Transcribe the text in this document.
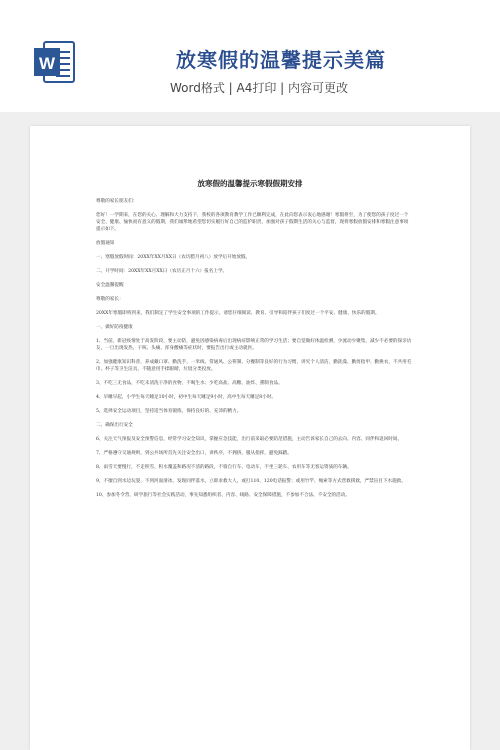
W	放寒假的温馨提示美篇
Word格式 | A4打印 | 内容可更改
放寒假的温馨提示寒假假期安排

尊敬的家长朋友们：

您好！一学期来，在您的关心、理解和大力支持下，我校的各项教育教学工作已顺利完成，在此向您表示衷心地感谢！寒假将至，为了使您的孩子度过一个安全、健康、愉快而有意义的假期，我们诚挚地希望您切实履行好自己的监护职责，加强对孩子假期生活的关心与监督，现将寒假放假安排和寒假注意事项提示如下。

放假通知

一、寒假放假时间：20XX年XX月XX日（农历腊月初八）放学后开始放假。

二、开学时间：20XX年XX月XX日（农历正月十六）报名上学。

安全温馨提醒

尊敬的家长：

20XX年寒假即将到来，我们制定了学生安全事项的工作提示，请您仔细阅读、教育、引导和陪伴孩子们度过一个平安、健康、快乐的假期。

一、做好防疫健康

1、当前，新冠疫情处于高发阶段，要主动防，避免因感染病毒后出现病症影响正常的学习生活；要自觉做好体温检测，少流动少聚集，减少不必要的探亲访友，一旦出现发热、干咳、头痛、浑身酸痛等症状时，要报告出行或主动就医。

2、加强健康知识科普，养成戴口罩、勤洗手、一米线、常通风、公筷制、分餐制等良好的行为习惯，讲究个人清洁，勤洗澡、勤剪指甲、勤换衣，不共用毛巾、杯子等卫生洁具，不随意用手揉眼睛，垃圾分类投放。

3、不吃三无食品，不吃未清洗干净的食物，不喝生水；少吃高盐、高糖、油炸、熏制食品。

4、早睡早起，小学生每天睡足10小时，初中生每天睡足9小时，高中生每天睡足8小时。

5、选择安全运动项目，坚持适当体育锻炼，保持良好的、充沛的精力。

二、确保出行安全

6、关注天气预报及安全预警信息，经常学习安全知识，掌握应急技能，出行前采取必要防范措施，主动告诉家长自己的去向、内容、同伴和返回时间。

7、严格遵守交通规则，到公共场所首先关注安全出口，讲秩序，不拥挤，服从指挥，避免踩踏。

8、雨雪天要慢行，不走积雪、积水覆盖和路况不清的路段，不骑自行车、电动车，不坐三轮车、农用车等无客运资质的车辆。

9、不擅自到水边玩耍，不到河面滑冰，发现同伴落水，立即求救大人，或打110、120电话报警；或用竹竿、绳索等方式营救援救，严禁盲目下水施救。

10、参加冬令营、研学旅行等社会实践活动，事先知悉组织者、内容、线路、安全保障措施，不参加不合法、不安全的活动。
